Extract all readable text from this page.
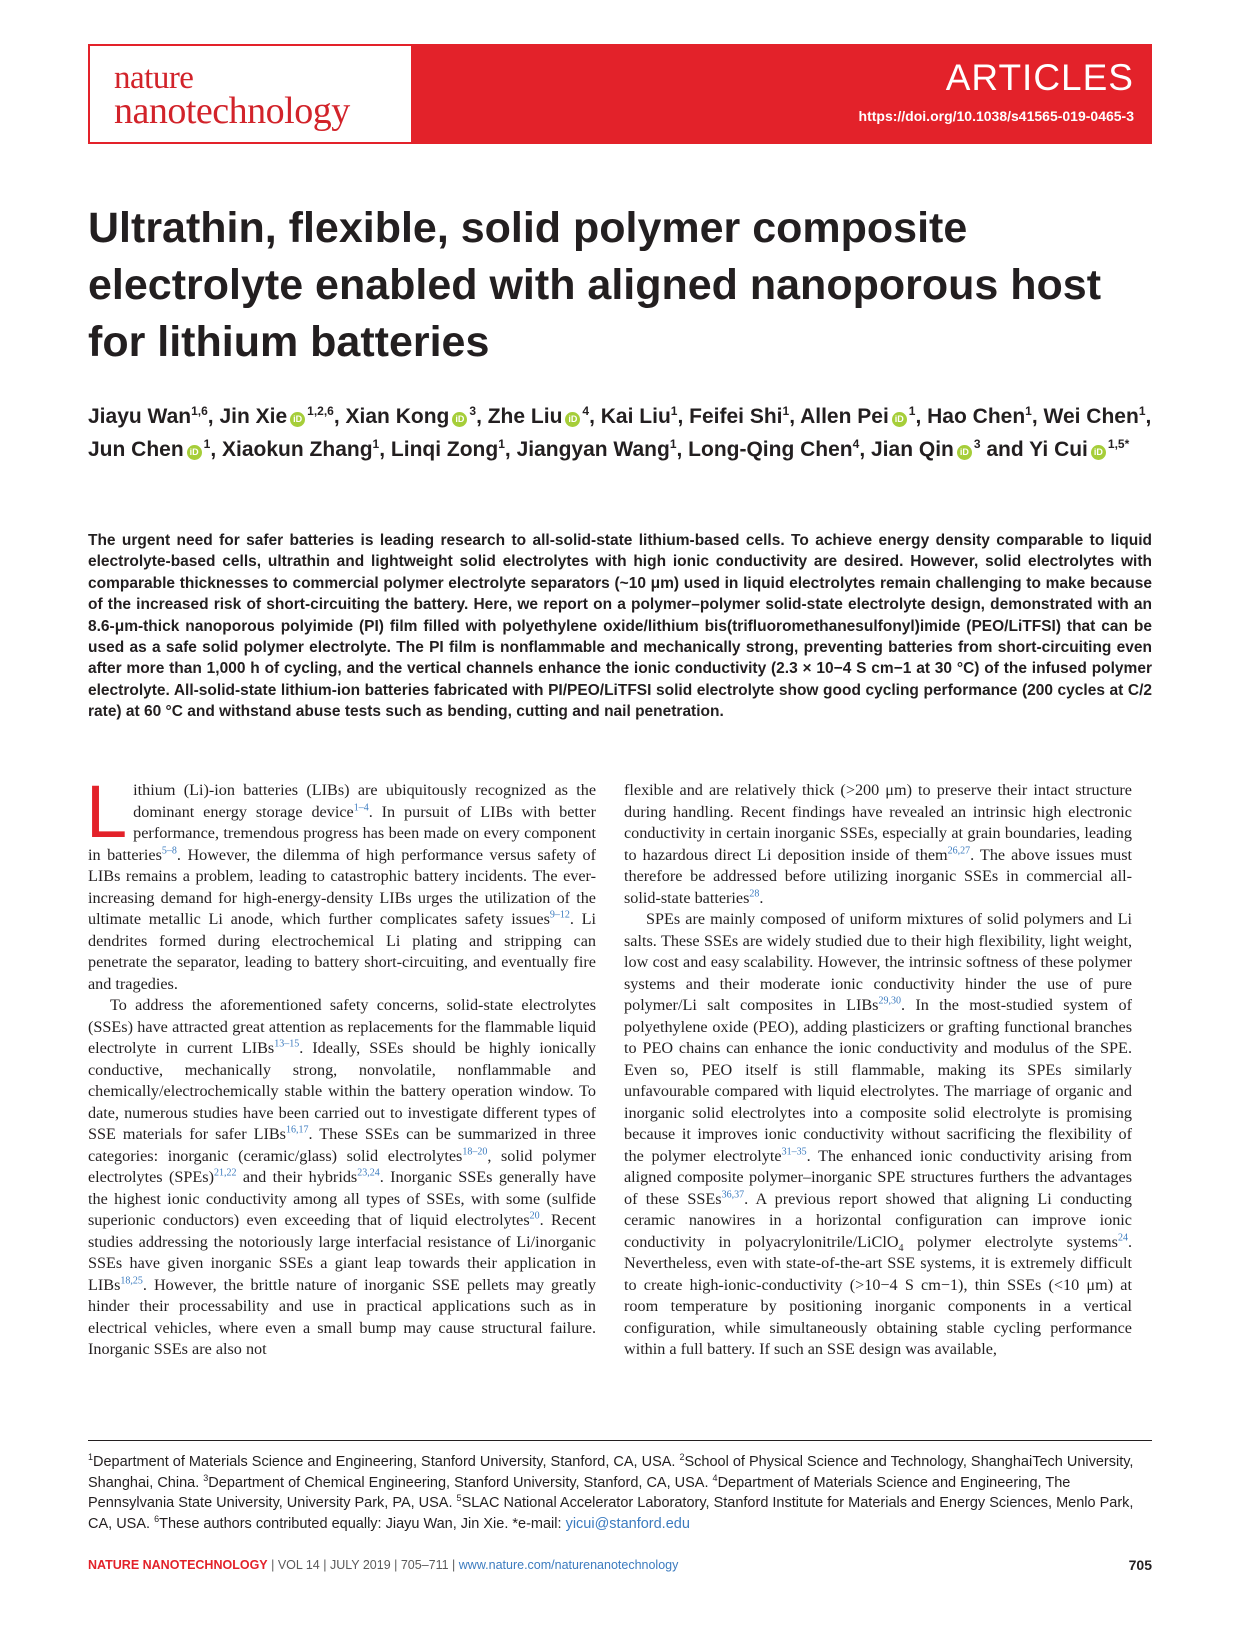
nature
nanotechnology
ARTICLES
https://doi.org/10.1038/s41565-019-0465-3
Ultrathin, flexible, solid polymer composite electrolyte enabled with aligned nanoporous host for lithium batteries
Jiayu Wan$^{1,6}$, Jin Xie iD$^{1,2,6}$, Xian Kong $iD^3$, Zhe Liu $iD^4$, Kai Liu$^1$, Feifei Shi$^1$, Allen Pei $iD^1$, Hao Chen$^1$, Wei Chen$^1$, Jun Chen $iD^1$, Xiaokun Zhang$^1$, Linqi Zong$^1$, Jiangyan Wang$^1$, Long-Qing Chen$^4$, Jian Qin $iD^3$ and Yi Cui $iD^{1,5*}$
The urgent need for safer batteries is leading research to all-solid-state lithium-based cells. To achieve energy density comparable to liquid electrolyte-based cells, ultrathin and lightweight solid electrolytes with high ionic conductivity are desired. However, solid electrolytes with comparable thicknesses to commercial polymer electrolyte separators (~10 μm) used in liquid electrolytes remain challenging to make because of the increased risk of short-circuiting the battery. Here, we report on a polymer–polymer solid-state electrolyte design, demonstrated with an 8.6-μm-thick nanoporous polyimide (PI) film filled with polyethylene oxide/lithium bis(trifluoromethanesulfonyl)imide (PEO/LiTFSI) that can be used as a safe solid polymer electrolyte. The PI film is nonflammable and mechanically strong, preventing batteries from short-circuiting even after more than 1,000 h of cycling, and the vertical channels enhance the ionic conductivity (2.3 × 10−4 S cm−1 at 30 °C) of the infused polymer electrolyte. All-solid-state lithium-ion batteries fabricated with PI/PEO/LiTFSI solid electrolyte show good cycling performance (200 cycles at C/2 rate) at 60 °C and withstand abuse tests such as bending, cutting and nail penetration.

Lithium (Li)-ion batteries (LIBs) are ubiquitously recognized as the dominant energy storage device$^{1-4}$. In pursuit of LIBs with better performance, tremendous progress has been made on every component in batteries$^{5-8}$. However, the dilemma of high performance versus safety of LIBs remains a problem, leading to catastrophic battery incidents. The ever-increasing demand for high-energy-density LIBs urges the utilization of the ultimate metallic Li anode, which further complicates safety issues$^{9-12}$. Li dendrites formed during electrochemical Li plating and stripping can penetrate the separator, leading to battery short-circuiting, and eventually fire and tragedies.

To address the aforementioned safety concerns, solid-state electrolytes (SSEs) have attracted great attention as replacements for the flammable liquid electrolyte in current LIBs$^{13-15}$. Ideally, SSEs should be highly ionically conductive, mechanically strong, nonvolatile, nonflammable and chemically/electrochemically stable within the battery operation window. To date, numerous studies have been carried out to investigate different types of SSE materials for safer LIBs$^{16,17}$. These SSEs can be summarized in three categories: inorganic (ceramic/glass) solid electrolytes$^{18-20}$, solid polymer electrolytes (SPEs)$^{21,22}$ and their hybrids$^{23,24}$. Inorganic SSEs generally have the highest ionic conductivity among all types of SSEs, with some (sulfide superionic conductors) even exceeding that of liquid electrolytes$^{20}$. Recent studies addressing the notoriously large interfacial resistance of Li/inorganic SSEs have given inorganic SSEs a giant leap towards their application in LIBs$^{18,25}$. However, the brittle nature of inorganic SSE pellets may greatly hinder their processability and use in practical applications such as in electrical vehicles, where even a small bump may cause structural failure. Inorganic SSEs are also not

flexible and are relatively thick (>200 μm) to preserve their intact structure during handling. Recent findings have revealed an intrinsic high electronic conductivity in certain inorganic SSEs, especially at grain boundaries, leading to hazardous direct Li deposition inside of them$^{26,27}$. The above issues must therefore be addressed before utilizing inorganic SSEs in commercial all-solid-state batteries$^{28}$.

SPEs are mainly composed of uniform mixtures of solid polymers and Li salts. These SSEs are widely studied due to their high flexibility, light weight, low cost and easy scalability. However, the intrinsic softness of these polymer systems and their moderate ionic conductivity hinder the use of pure polymer/Li salt composites in LIBs$^{29,30}$. In the most-studied system of polyethylene oxide (PEO), adding plasticizers or grafting functional branches to PEO chains can enhance the ionic conductivity and modulus of the SPE. Even so, PEO itself is still flammable, making its SPEs similarly unfavourable compared with liquid electrolytes. The marriage of organic and inorganic solid electrolytes into a composite solid electrolyte is promising because it improves ionic conductivity without sacrificing the flexibility of the polymer electrolyte$^{31-35}$. The enhanced ionic conductivity arising from aligned composite polymer–inorganic SPE structures furthers the advantages of these SSEs$^{36,37}$. A previous report showed that aligning Li conducting ceramic nanowires in a horizontal configuration can improve ionic conductivity in polyacrylonitrile/LiClO$_4$ polymer electrolyte systems$^{24}$. Nevertheless, even with state-of-the-art SSE systems, it is extremely difficult to create high-ionic-conductivity (>10−4 S cm−1), thin SSEs (<10 μm) at room temperature by positioning inorganic components in a vertical configuration, while simultaneously obtaining stable cycling performance within a full battery. If such an SSE design was available,

$^1$Department of Materials Science and Engineering, Stanford University, Stanford, CA, USA. $^2$School of Physical Science and Technology, ShanghaiTech University, Shanghai, China. $^3$Department of Chemical Engineering, Stanford University, Stanford, CA, USA. $^4$Department of Materials Science and Engineering, The Pennsylvania State University, University Park, PA, USA. $^5$SLAC National Accelerator Laboratory, Stanford Institute for Materials and Energy Sciences, Menlo Park, CA, USA. $^6$These authors contributed equally: Jiayu Wan, Jin Xie. *e-mail: yicui@stanford.edu
NATURE NANOTECHNOLOGY | VOL 14 | JULY 2019 | 705–711 | www.nature.com/naturenanotechnology	705
